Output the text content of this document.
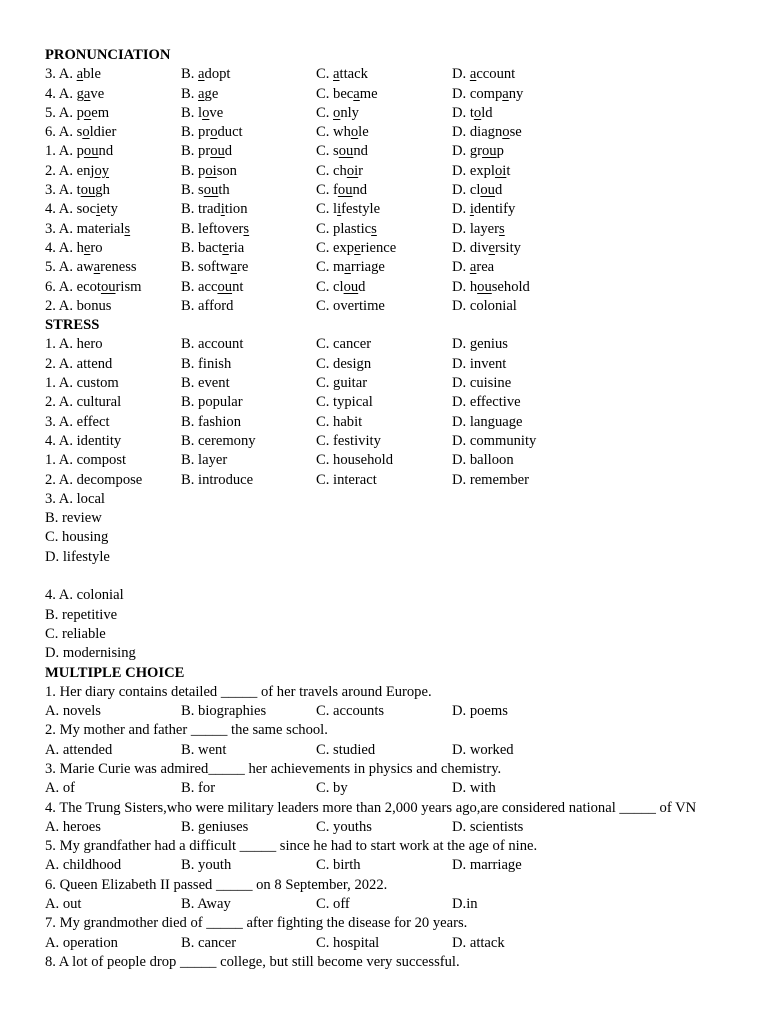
PRONUNCIATION
3. A. able	B. adopt	C. attack	D. account
4. A. gave	B. age	C. became	D. company
5. A. poem	B. love	C. only	D. told
6. A. soldier	B. product	C. whole	D. diagnose
1. A. pound	B. proud	C. sound	D. group
2. A. enjoy	B. poison	C. choir	D. exploit
3. A. tough	B. south	C. found	D. cloud
4. A. society	B. tradition	C. lifestyle	D. identify
3. A. materials	B. leftovers	C. plastics	D. layers
4. A. hero	B. bacteria	C. experience	D. diversity
5. A. awareness	B. software	C. marriage	D. area
6. A. ecotourism	B. account	C. cloud	D. household
2. A. bonus	B. afford	C. overtime	D. colonial
STRESS
1. A. hero	B. account	C. cancer	D. genius
2. A. attend	B. finish	C. design	D. invent
1. A. custom	B. event	C. guitar	D. cuisine
2. A. cultural	B. popular	C. typical	D. effective
3. A. effect	B. fashion	C. habit	D. language
4. A. identity	B. ceremony	C. festivity	D. community
1. A. compost	B. layer	C. household	D. balloon
2. A. decompose	B. introduce	C. interact	D. remember
3. A. local
B. review
C. housing
D. lifestyle
4. A. colonial
B. repetitive
C. reliable
D. modernising
MULTIPLE CHOICE
1. Her diary contains detailed _____ of her travels around Europe.
A. novels	B. biographies	C. accounts	D. poems
2. My mother and father _____ the same school.
A. attended	B. went	C. studied	D. worked
3. Marie Curie was admired_____ her achievements in physics and chemistry.
A. of	B. for	C. by	D. with
4. The Trung Sisters,who were military leaders more than 2,000 years ago,are considered national _____ of VN
A. heroes	B. geniuses	C. youths	D. scientists
5. My grandfather had a difficult _____ since he had to start work at the age of nine.
A. childhood	B. youth	C. birth	D. marriage
6. Queen Elizabeth II passed _____ on 8 September, 2022.
A. out	B. Away	C. off	D.in
7. My grandmother died of _____ after fighting the disease for 20 years.
A. operation	B. cancer	C. hospital	D. attack
8. A lot of people drop _____ college, but still become very successful.
